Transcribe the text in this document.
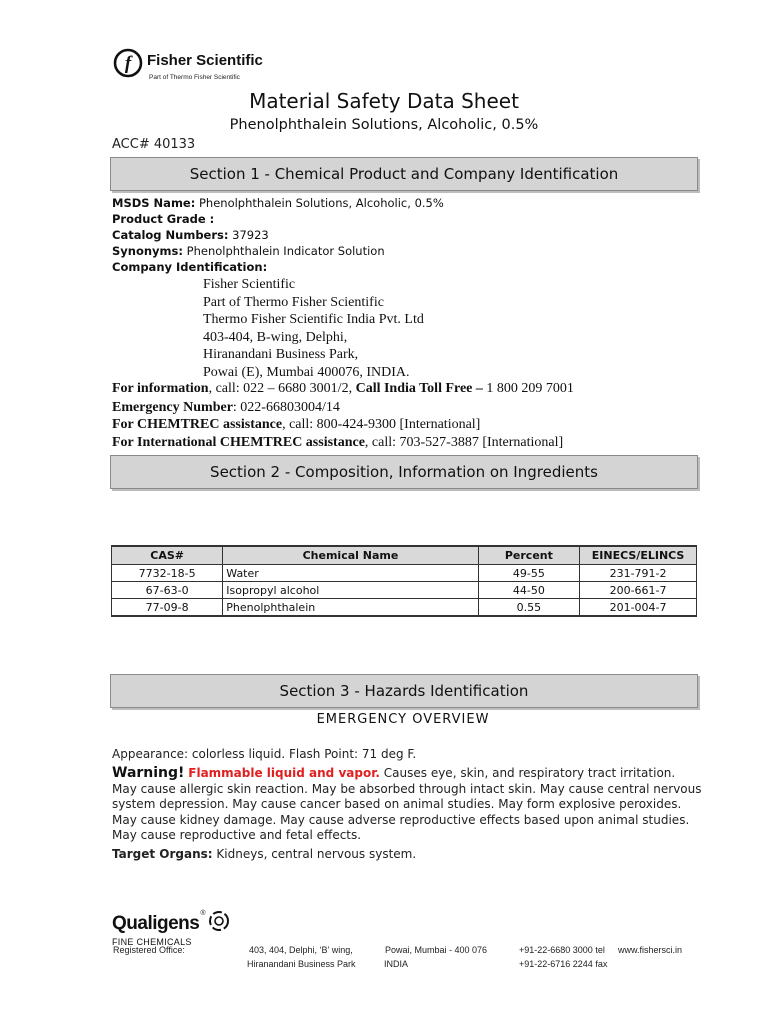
f Fisher Scientific
Part of Thermo Fisher Scientific
Material Safety Data Sheet
Phenolphthalein Solutions, Alcoholic, 0.5%
ACC# 40133
Section 1 - Chemical Product and Company Identification
MSDS Name: Phenolphthalein Solutions, Alcoholic, 0.5%
Product Grade :
Catalog Numbers: 37923
Synonyms: Phenolphthalein Indicator Solution
Company Identification:
Fisher Scientific
Part of Thermo Fisher Scientific
Thermo Fisher Scientific India Pvt. Ltd
403-404, B-wing, Delphi,
Hiranandani Business Park,
Powai (E), Mumbai 400076, INDIA.
For information, call: 022 – 6680 3001/2, Call India Toll Free – 1 800 209 7001
Emergency Number: 022-66803004/14
For CHEMTREC assistance, call: 800-424-9300 [International]
For International CHEMTREC assistance, call: 703-527-3887 [International]
Section 2 - Composition, Information on Ingredients
CAS#	Chemical Name	Percent	EINECS/ELINCS
7732-18-5	Water	49-55	231-791-2
67-63-0	Isopropyl alcohol	44-50	200-661-7
77-09-8	Phenolphthalein	0.55	201-004-7
Section 3 - Hazards Identification
EMERGENCY OVERVIEW
Appearance: colorless liquid. Flash Point: 71 deg F.
Warning! Flammable liquid and vapor. Causes eye, skin, and respiratory tract irritation. May cause allergic skin reaction. May be absorbed through intact skin. May cause central nervous system depression. May cause cancer based on animal studies. May form explosive peroxides. May cause kidney damage. May cause adverse reproductive effects based upon animal studies. May cause reproductive and fetal effects.
Target Organs: Kidneys, central nervous system.
Qualigens ®
FINE CHEMICALS
Registered Office:	403, 404, Delphi, ‘B’ wing,
Hiranandani Business Park
Powai, Mumbai - 400 076
INDIA
+91-22-6680 3000 tel
+91-22-6716 2244 fax
www.fishersci.in
